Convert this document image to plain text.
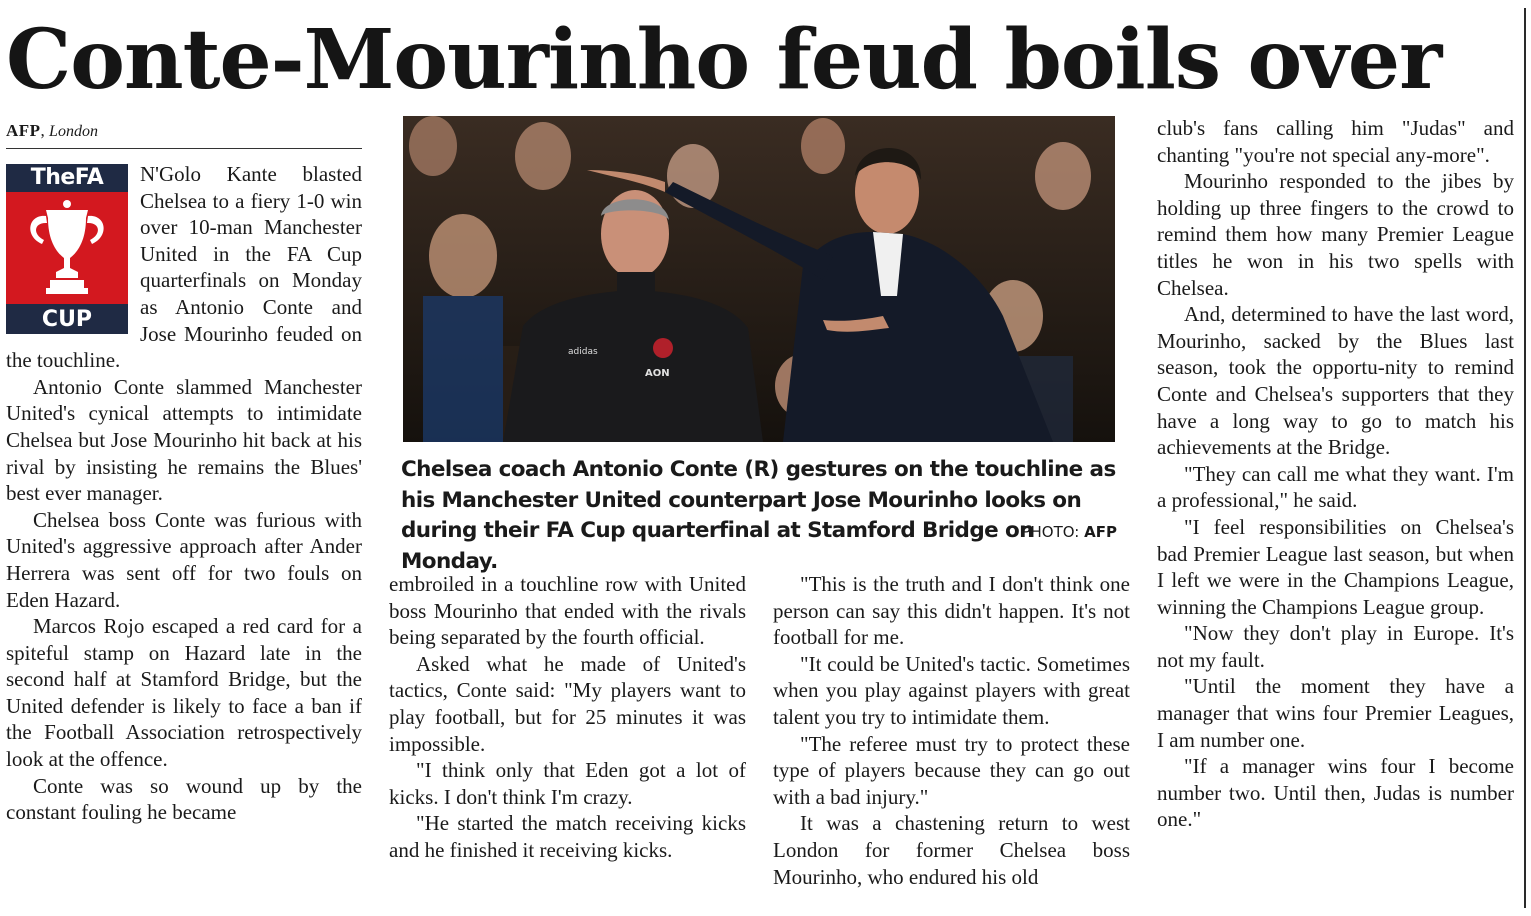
Conte-Mourinho feud boils over
AFP, London
TheFA
CUP

N'Golo Kante blasted Chelsea to a fiery 1-0 win over 10-man Manchester United in the FA Cup quarterfinals on Monday as Antonio Conte and Jose Mourinho feuded on the touchline.

Antonio Conte slammed Manchester United's cynical attempts to intimidate Chelsea but Jose Mourinho hit back at his rival by insisting he remains the Blues' best ever manager.

Chelsea boss Conte was furious with United's aggressive approach after Ander Herrera was sent off for two fouls on Eden Hazard.

Marcos Rojo escaped a red card for a spiteful stamp on Hazard late in the second half at Stamford Bridge, but the United defender is likely to face a ban if the Football Association retrospectively look at the offence.

Conte was so wound up by the constant fouling he became

adidas
AON
Chelsea coach Antonio Conte (R) gestures on the touchline as his Manchester United counterpart Jose Mourinho looks on during their FA Cup quarterfinal at Stamford Bridge on Monday.
PHOTO: AFP

embroiled in a touchline row with United boss Mourinho that ended with the rivals being separated by the fourth official.

Asked what he made of United's tactics, Conte said: "My players want to play football, but for 25 minutes it was impossible.

"I think only that Eden got a lot of kicks. I don't think I'm crazy.

"He started the match receiving kicks and he finished it receiving kicks.

"This is the truth and I don't think one person can say this didn't happen. It's not football for me.

"It could be United's tactic. Sometimes when you play against players with great talent you try to intimidate them.

"The referee must try to protect these type of players because they can go out with a bad injury."

It was a chastening return to west London for former Chelsea boss Mourinho, who endured his old

club's fans calling him "Judas" and chanting "you're not special any-more".

Mourinho responded to the jibes by holding up three fingers to the crowd to remind them how many Premier League titles he won in his two spells with Chelsea.

And, determined to have the last word, Mourinho, sacked by the Blues last season, took the opportu-nity to remind Conte and Chelsea's supporters that they have a long way to go to match his achievements at the Bridge.

"They can call me what they want. I'm a professional," he said.

"I feel responsibilities on Chelsea's bad Premier League last season, but when I left we were in the Champions League, winning the Champions League group.

"Now they don't play in Europe. It's not my fault.

"Until the moment they have a manager that wins four Premier Leagues, I am number one.

"If a manager wins four I become number two. Until then, Judas is number one."
